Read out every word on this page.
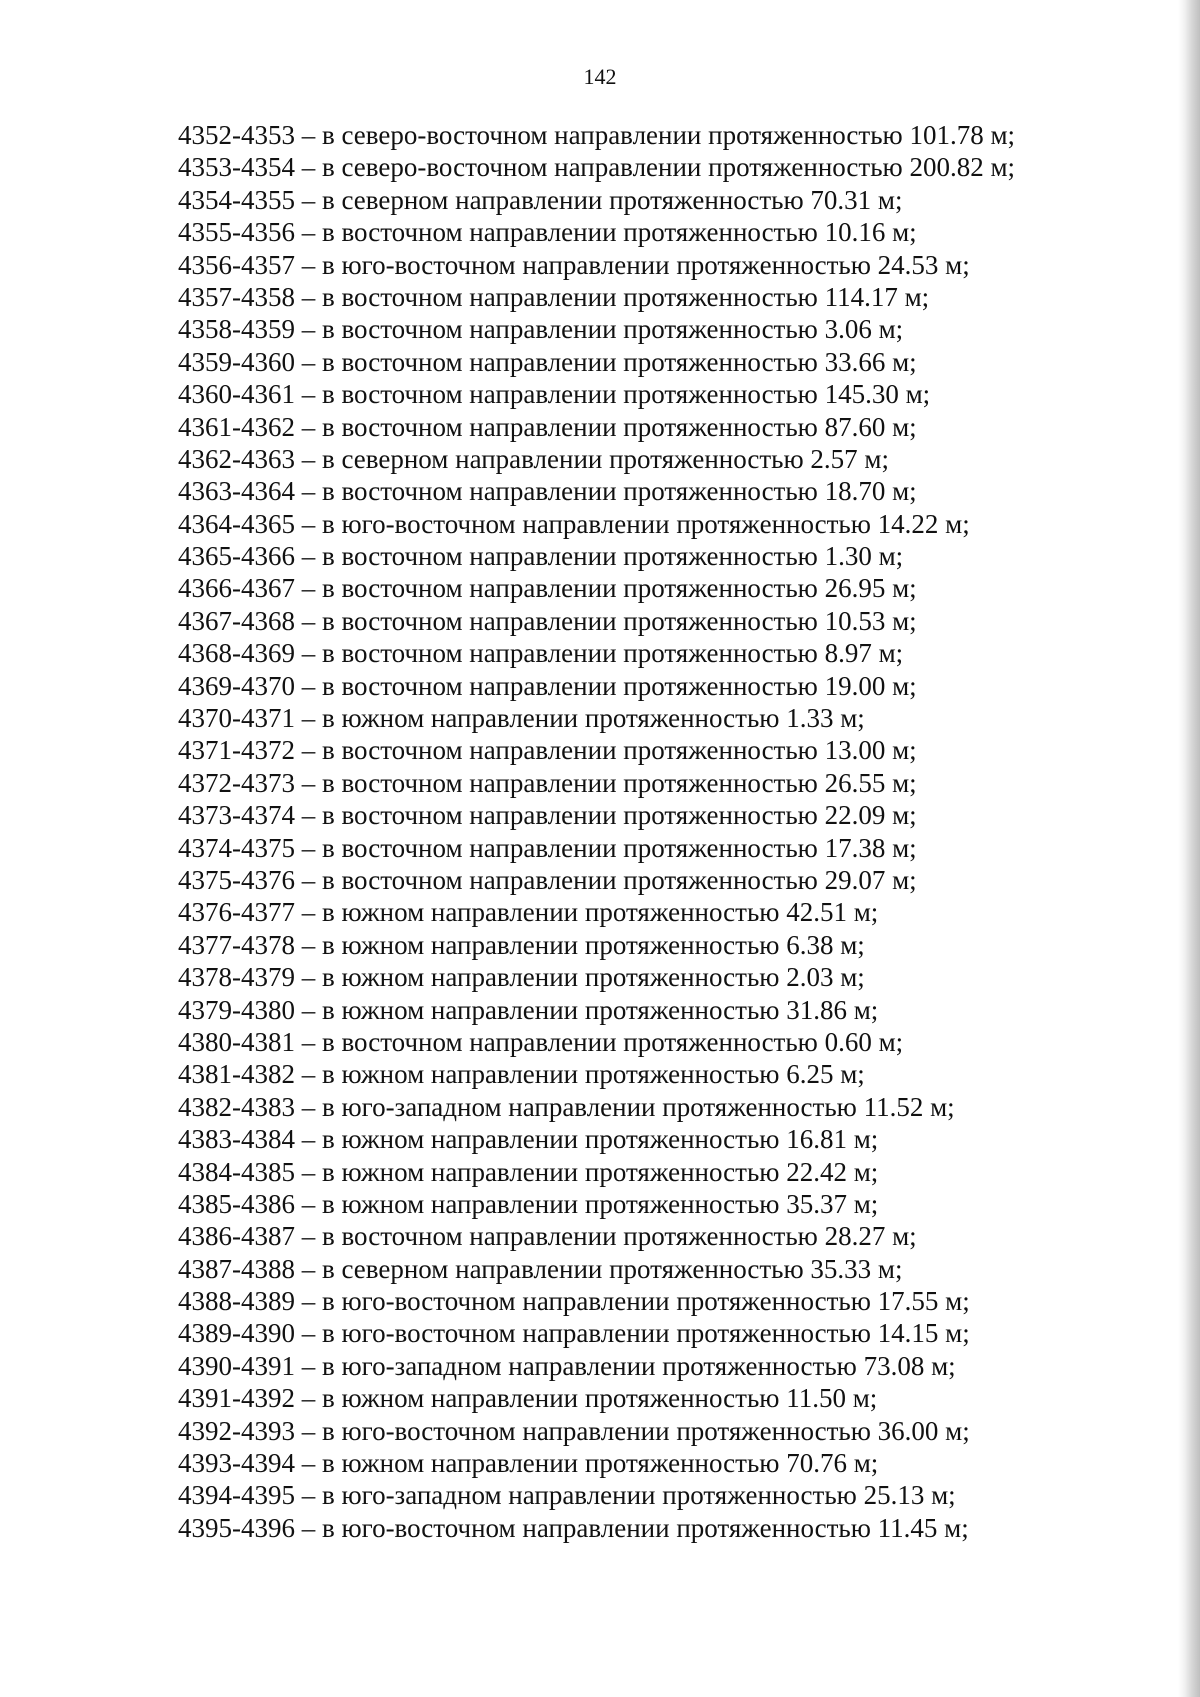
142
4352-4353 – в северо-восточном направлении протяженностью 101.78 м;
4353-4354 – в северо-восточном направлении протяженностью 200.82 м;
4354-4355 – в северном направлении протяженностью 70.31 м;
4355-4356 – в восточном направлении протяженностью 10.16 м;
4356-4357 – в юго-восточном направлении протяженностью 24.53 м;
4357-4358 – в восточном направлении протяженностью 114.17 м;
4358-4359 – в восточном направлении протяженностью 3.06 м;
4359-4360 – в восточном направлении протяженностью 33.66 м;
4360-4361 – в восточном направлении протяженностью 145.30 м;
4361-4362 – в восточном направлении протяженностью 87.60 м;
4362-4363 – в северном направлении протяженностью 2.57 м;
4363-4364 – в восточном направлении протяженностью 18.70 м;
4364-4365 – в юго-восточном направлении протяженностью 14.22 м;
4365-4366 – в восточном направлении протяженностью 1.30 м;
4366-4367 – в восточном направлении протяженностью 26.95 м;
4367-4368 – в восточном направлении протяженностью 10.53 м;
4368-4369 – в восточном направлении протяженностью 8.97 м;
4369-4370 – в восточном направлении протяженностью 19.00 м;
4370-4371 – в южном направлении протяженностью 1.33 м;
4371-4372 – в восточном направлении протяженностью 13.00 м;
4372-4373 – в восточном направлении протяженностью 26.55 м;
4373-4374 – в восточном направлении протяженностью 22.09 м;
4374-4375 – в восточном направлении протяженностью 17.38 м;
4375-4376 – в восточном направлении протяженностью 29.07 м;
4376-4377 – в южном направлении протяженностью 42.51 м;
4377-4378 – в южном направлении протяженностью 6.38 м;
4378-4379 – в южном направлении протяженностью 2.03 м;
4379-4380 – в южном направлении протяженностью 31.86 м;
4380-4381 – в восточном направлении протяженностью 0.60 м;
4381-4382 – в южном направлении протяженностью 6.25 м;
4382-4383 – в юго-западном направлении протяженностью 11.52 м;
4383-4384 – в южном направлении протяженностью 16.81 м;
4384-4385 – в южном направлении протяженностью 22.42 м;
4385-4386 – в южном направлении протяженностью 35.37 м;
4386-4387 – в восточном направлении протяженностью 28.27 м;
4387-4388 – в северном направлении протяженностью 35.33 м;
4388-4389 – в юго-восточном направлении протяженностью 17.55 м;
4389-4390 – в юго-восточном направлении протяженностью 14.15 м;
4390-4391 – в юго-западном направлении протяженностью 73.08 м;
4391-4392 – в южном направлении протяженностью 11.50 м;
4392-4393 – в юго-восточном направлении протяженностью 36.00 м;
4393-4394 – в южном направлении протяженностью 70.76 м;
4394-4395 – в юго-западном направлении протяженностью 25.13 м;
4395-4396 – в юго-восточном направлении протяженностью 11.45 м;
